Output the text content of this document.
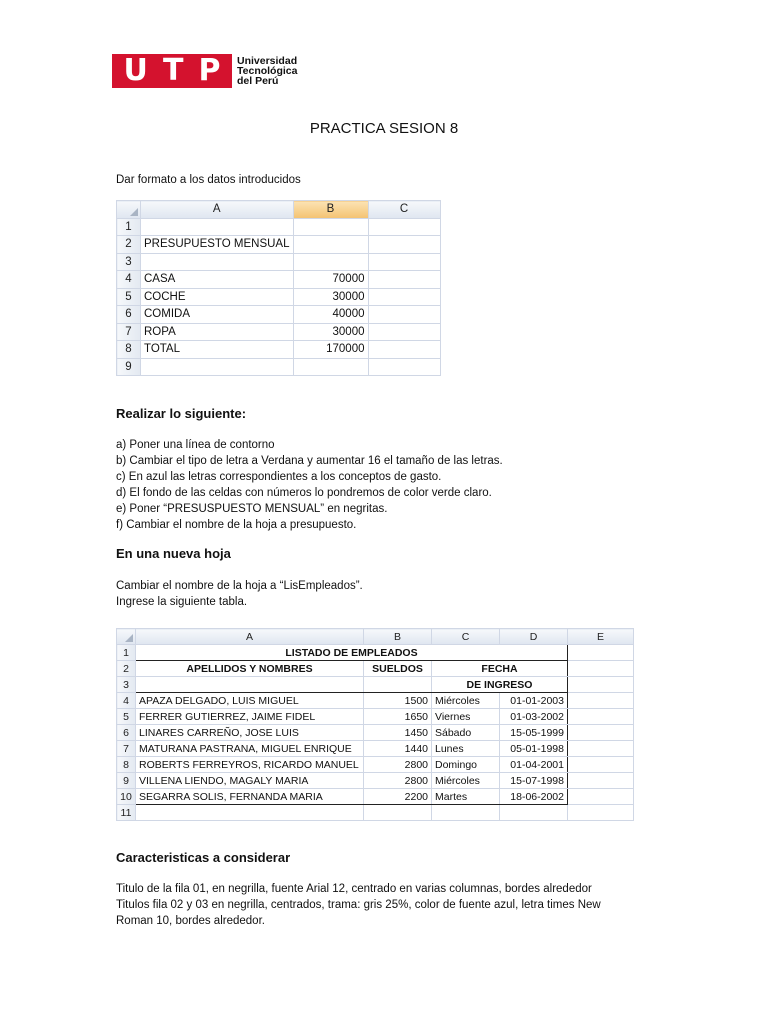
U T P Universidad
Tecnológica
del Perú
PRACTICA SESION 8
Dar formato a los datos introducidos
	A	B	C
1			
2	PRESUPUESTO MENSUAL		
3			
4	CASA	70000	
5	COCHE	30000	
6	COMIDA	40000	
7	ROPA	30000	
8	TOTAL	170000	
9			
Realizar lo siguiente:
a) Poner una línea de contorno
b) Cambiar el tipo de letra a Verdana y aumentar 16 el tamaño de las letras.
c) En azul las letras correspondientes a los conceptos de gasto.
d) El fondo de las celdas con números lo pondremos de color verde claro.
e) Poner “PRESUSPUESTO MENSUAL” en negritas.
f) Cambiar el nombre de la hoja a presupuesto.
En una nueva hoja
Cambiar el nombre de la hoja a “LisEmpleados”.
Ingrese la siguiente tabla.
	A	B	C	D	E
1	LISTADO DE EMPLEADOS				
2	APELLIDOS Y NOMBRES	SUELDOS	FECHA		
3			DE INGRESO		
4	APAZA DELGADO, LUIS MIGUEL	1500	Miércoles	01-01-2003	
5	FERRER GUTIERREZ, JAIME FIDEL	1650	Viernes	01-03-2002	
6	LINARES CARREÑO, JOSE LUIS	1450	Sábado	15-05-1999	
7	MATURANA PASTRANA, MIGUEL ENRIQUE	1440	Lunes	05-01-1998	
8	ROBERTS FERREYROS, RICARDO MANUEL	2800	Domingo	01-04-2001	
9	VILLENA LIENDO, MAGALY MARIA	2800	Miércoles	15-07-1998	
10	SEGARRA SOLIS, FERNANDA MARIA	2200	Martes	18-06-2002	
11					
Caracteristicas a considerar
Titulo de la fila 01, en negrilla, fuente Arial 12, centrado en varias columnas, bordes alrededor
Titulos fila 02 y 03 en negrilla, centrados, trama: gris 25%, color de fuente azul, letra times New
Roman 10, bordes alrededor.
